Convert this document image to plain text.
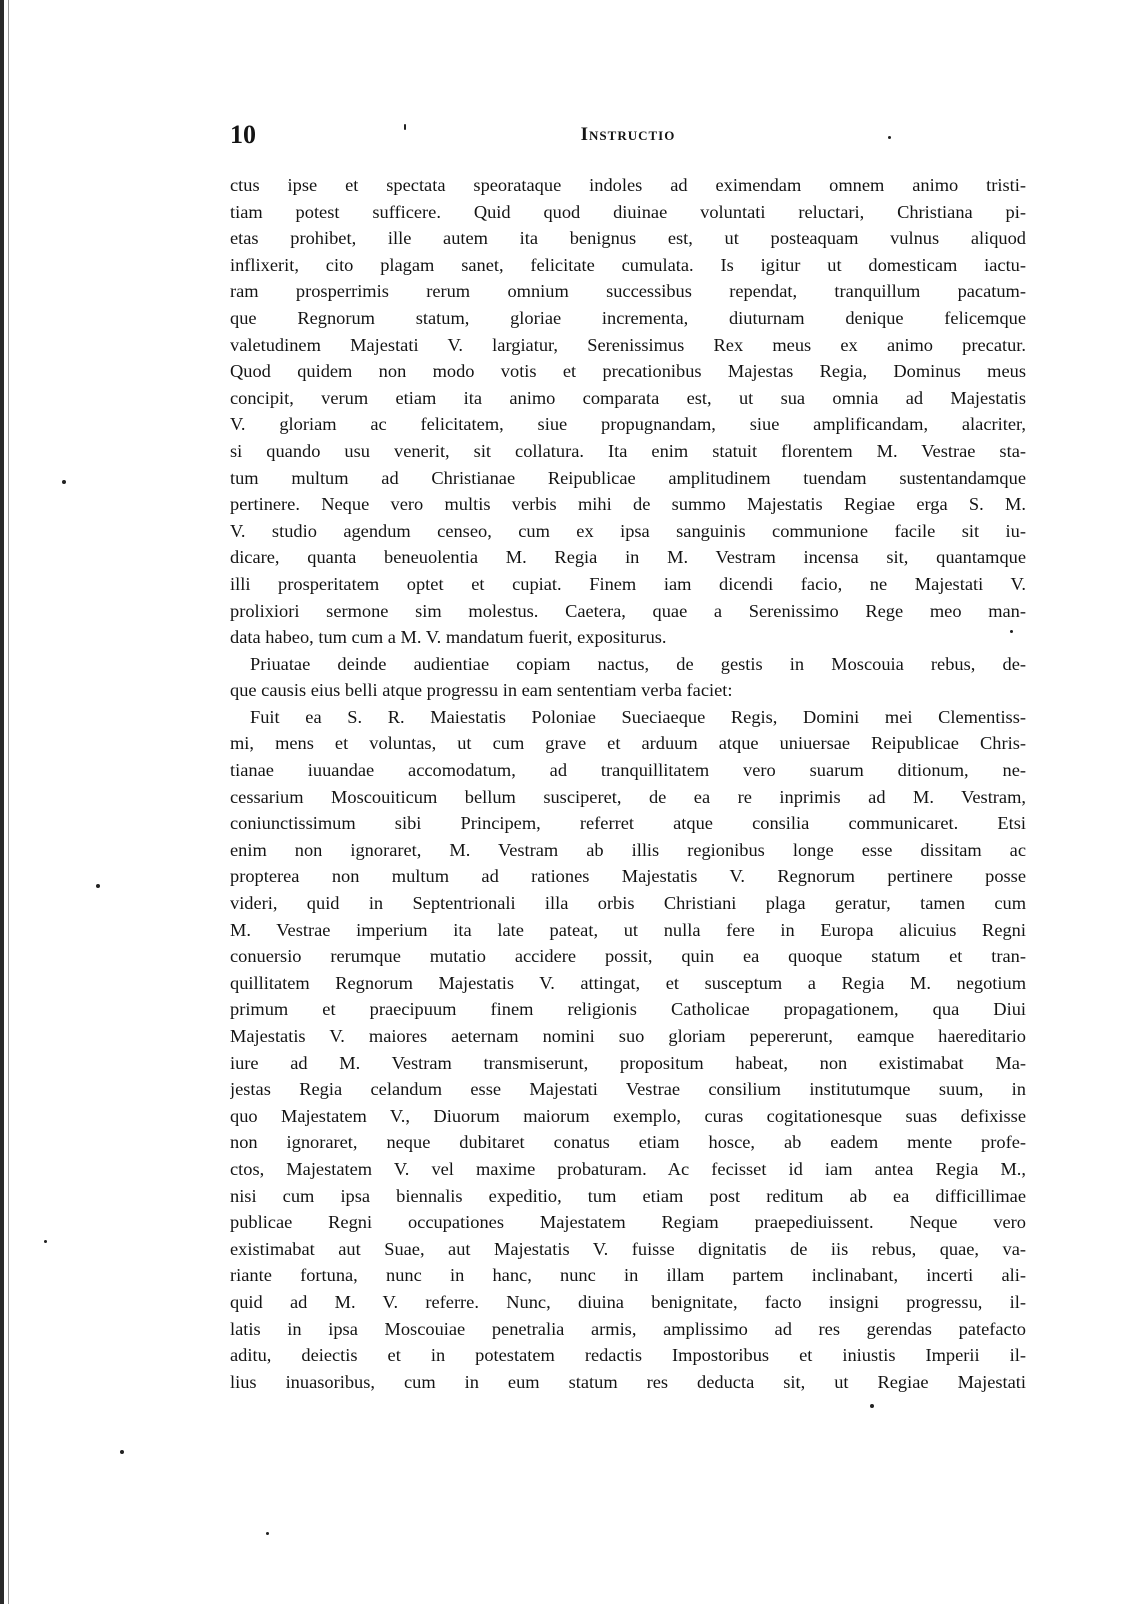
10	Instructio
ctus ipse et spectata speorataque indoles ad eximendam omnem animo tristi-
tiam potest sufficere. Quid quod diuinae voluntati reluctari, Christiana pi-
etas prohibet, ille autem ita benignus est, ut posteaquam vulnus aliquod
inflixerit, cito plagam sanet, felicitate cumulata. Is igitur ut domesticam iactu-
ram prosperrimis rerum omnium successibus rependat, tranquillum pacatum-
que Regnorum statum, gloriae incrementa, diuturnam denique felicemque
valetudinem Majestati V. largiatur, Serenissimus Rex meus ex animo precatur.
Quod quidem non modo votis et precationibus Majestas Regia, Dominus meus
concipit, verum etiam ita animo comparata est, ut sua omnia ad Majestatis
V. gloriam ac felicitatem, siue propugnandam, siue amplificandam, alacriter,
si quando usu venerit, sit collatura. Ita enim statuit florentem M. Vestrae sta-
tum multum ad Christianae Reipublicae amplitudinem tuendam sustentandamque
pertinere. Neque vero multis verbis mihi de summo Majestatis Regiae erga S. M.
V. studio agendum censeo, cum ex ipsa sanguinis communione facile sit iu-
dicare, quanta beneuolentia M. Regia in M. Vestram incensa sit, quantamque
illi prosperitatem optet et cupiat. Finem iam dicendi facio, ne Majestati V.
prolixiori sermone sim molestus. Caetera, quae a Serenissimo Rege meo man-
data habeo, tum cum a M. V. mandatum fuerit, expositurus.
Priuatae deinde audientiae copiam nactus, de gestis in Moscouia rebus, de-
que causis eius belli atque progressu in eam sententiam verba faciet:
Fuit ea S. R. Maiestatis Poloniae Sueciaeque Regis, Domini mei Clementiss-
mi, mens et voluntas, ut cum grave et arduum atque uniuersae Reipublicae Chris-
tianae iuuandae accomodatum, ad tranquillitatem vero suarum ditionum, ne-
cessarium Moscouiticum bellum susciperet, de ea re inprimis ad M. Vestram,
coniunctissimum sibi Principem, referret atque consilia communicaret. Etsi
enim non ignoraret, M. Vestram ab illis regionibus longe esse dissitam ac
propterea non multum ad rationes Majestatis V. Regnorum pertinere posse
videri, quid in Septentrionali illa orbis Christiani plaga geratur, tamen cum
M. Vestrae imperium ita late pateat, ut nulla fere in Europa alicuius Regni
conuersio rerumque mutatio accidere possit, quin ea quoque statum et tran-
quillitatem Regnorum Majestatis V. attingat, et susceptum a Regia M. negotium
primum et praecipuum finem religionis Catholicae propagationem, qua Diui
Majestatis V. maiores aeternam nomini suo gloriam pepererunt, eamque haereditario
iure ad M. Vestram transmiserunt, propositum habeat, non existimabat Ma-
jestas Regia celandum esse Majestati Vestrae consilium institutumque suum, in
quo Majestatem V., Diuorum maiorum exemplo, curas cogitationesque suas defixisse
non ignoraret, neque dubitaret conatus etiam hosce, ab eadem mente profe-
ctos, Majestatem V. vel maxime probaturam. Ac fecisset id iam antea Regia M.,
nisi cum ipsa biennalis expeditio, tum etiam post reditum ab ea difficillimae
publicae Regni occupationes Majestatem Regiam praepediuissent. Neque vero
existimabat aut Suae, aut Majestatis V. fuisse dignitatis de iis rebus, quae, va-
riante fortuna, nunc in hanc, nunc in illam partem inclinabant, incerti ali-
quid ad M. V. referre. Nunc, diuina benignitate, facto insigni progressu, il-
latis in ipsa Moscouiae penetralia armis, amplissimo ad res gerendas patefacto
aditu, deiectis et in potestatem redactis Impostoribus et iniustis Imperii il-
lius inuasoribus, cum in eum statum res deducta sit, ut Regiae Majestati
